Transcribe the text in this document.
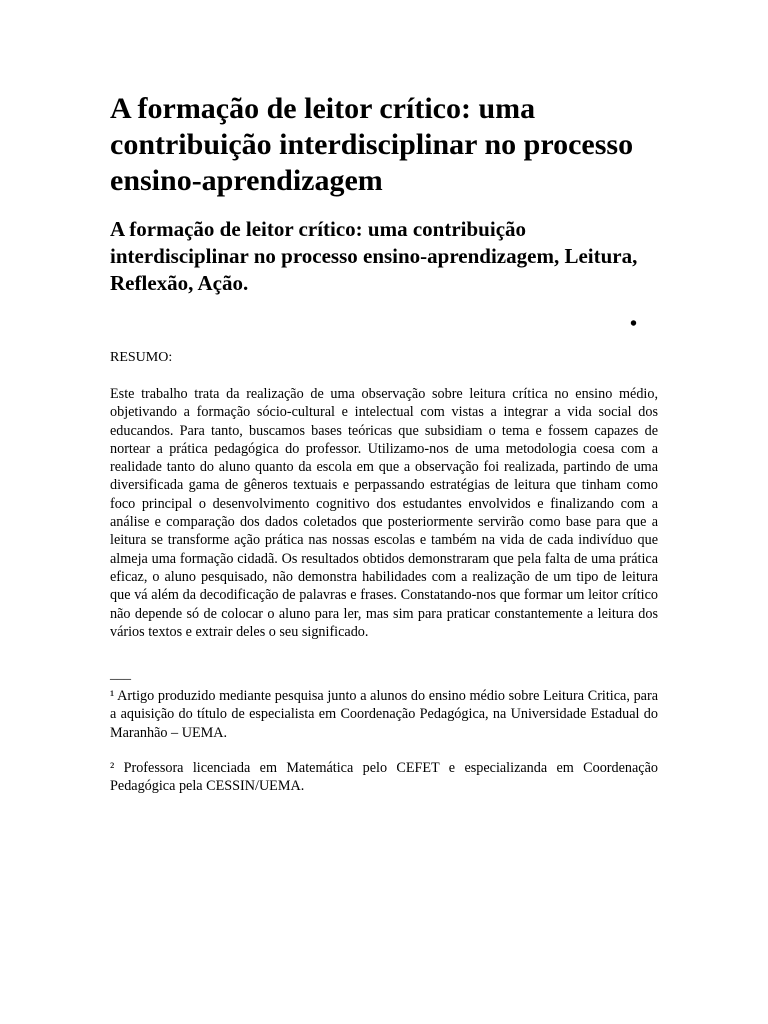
A formação de leitor crítico: uma contribuição interdisciplinar no processo ensino-aprendizagem
A formação de leitor crítico: uma contribuição interdisciplinar no processo ensino-aprendizagem, Leitura, Reflexão, Ação.
•
RESUMO:

Este trabalho trata da realização de uma observação sobre leitura crítica no ensino médio, objetivando a formação sócio-cultural e intelectual com vistas a integrar a vida social dos educandos. Para tanto, buscamos bases teóricas que subsidiam o tema e fossem capazes de nortear a prática pedagógica do professor. Utilizamo-nos de uma metodologia coesa com a realidade tanto do aluno quanto da escola em que a observação foi realizada, partindo de uma diversificada gama de gêneros textuais e perpassando estratégias de leitura que tinham como foco principal o desenvolvimento cognitivo dos estudantes envolvidos e finalizando com a análise e comparação dos dados coletados que posteriormente servirão como base para que a leitura se transforme ação prática nas nossas escolas e também na vida de cada indivíduo que almeja uma formação cidadã. Os resultados obtidos demonstraram que pela falta de uma prática eficaz, o aluno pesquisado, não demonstra habilidades com a realização de um tipo de leitura que vá além da decodificação de palavras e frases. Constatando-nos que formar um leitor crítico não depende só de colocar o aluno para ler, mas sim para praticar constantemente a leitura dos vários textos e extrair deles o seu significado.

___

¹ Artigo produzido mediante pesquisa junto a alunos do ensino médio sobre Leitura Critica, para a aquisição do título de especialista em Coordenação Pedagógica, na Universidade Estadual do Maranhão – UEMA.

² Professora licenciada em Matemática pelo CEFET e especializanda em Coordenação Pedagógica pela CESSIN/UEMA.
